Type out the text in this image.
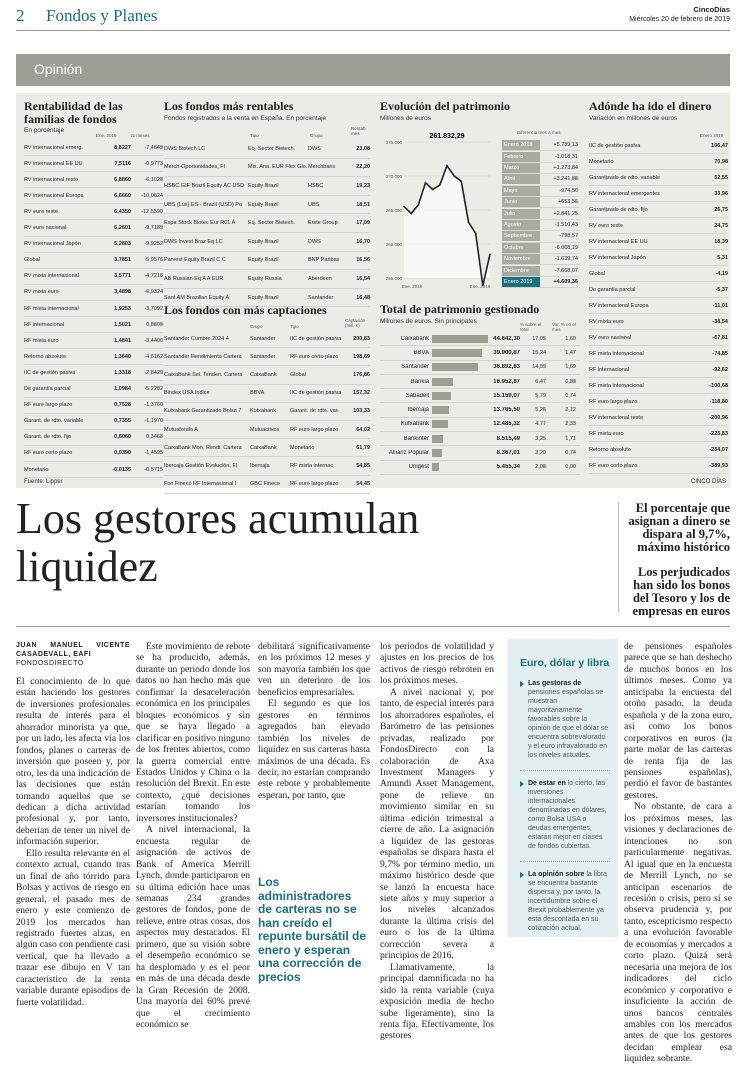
2 Fondos y Planes	CincoDías
Miércoles 20 de febrero de 2019
Opinión
Rentabilidad de las familias de fondos
En porcentaje
Ene. 2019	12 meses
RV internacional emerg.	8,8227	-7,4649
RV internacional EE UU	7,5116	-0,9773
RV internacional resto	6,8860	-6,1028
RV internacional Europa	6,6660	-10,0624
RV euro resto	6,4350	-12,5590
RV euro nacional	6,2601	-9,7189
RV internacional Japón	5,2803	-9,9252
Global	3,7851	-5,9576
RV mixta internacional	3,5771	-4,7218
RV mixta euro	3,4898	-6,9324
RF mixta internacional	1,9253	-3,7092
RF internacional	1,5021	0,8809
RF mixta euro	1,4841	-3,4400
Retorno absoluto	1,3640	-4,6162
IIC de gestión pasiva	1,3318	-2,8429
De garantía parcial	1,0984	-5,2282
RF euro largo plazo	0,7528	-1,3760
Garant. de rdto. variable	0,7355	-1,1970
Garant. de rdto. fijo	0,6060	0,3468
RF euro corto plazo	0,0390	-1,4595
Monetario	-0,0135	-0,5715
Los fondos más rentables
Fondos registrados a la venta en España. En porcentaje
Tipo	Grupo
Rentab. mes
DWS Biotech LC	Eq. Sector Biotech.	DWS	23,08
Merch-Oportunidades, FI	Mix. Ana. EUR Flex Glo. Merchbanc	22,20
HSBC GIF Brazil Equity AC USD Equity Brazil	HSBC	19,23
UBS (Lux) ES - Brazil (USD) Pa	Equity Brazil	UBS	18,51
Espa Stock Biotec Eur R01 A	Eq. Sector Biotech.	Erste Group	17,09
DWS Invest Braz Eq LC	Equity Brazil	DWS	16,70
Parvest Equity Brazil C C	Equity Brazil	BNP Paribas	16,56
AB Russian Eq A A EUR	Equity Russia	Aberdeen	16,54
Sant AM Brazilian Equity A	Equity Brazil	Santander	16,48
Los fondos con más captaciones
Grupo	Tipo
Captación (mill. €)
Santander Cumbre 2024 4	Santander	IIC de gestión pasiva	200,83
Santander Rendimiento Cartera	Santander	RF euro corto plazo	198,69
CaixaBank Sel. Tenden. Cartera	CaixaBank	Global	176,86
Bindex USA Índice	BBVA	IIC de gestión pasiva	157,32
Kutxabank Garantizado Bolsa 7	Kutxabank	Garant. de rdto. var.	103,33
Mutuafondo A	Mutuactivos	RF euro largo plazo	64,02
CaixaBank Mon. Rendi. Cartera	CaixaBank	Monetario	61,79
Ibercaja Gestión Evolución, FI	Ibercaja	RF mixta internac.	54,85
Fon Finecó RF Internacional I	GBC Fineco	RF euro largo plazo	54,45
Evolución del patrimonio
Millones de euros
275.000
270.000
265.000
260.000
255.000
261.832,29
Ene. 2018	Ene. 2019
Diferencia mes a mes
Enero 2018	+5.789,13
Febrero	-1.018,31
Marzo	+1.273,84
Abril	+3.241,88
Mayo	-974,50
Junio	+653,56
Julio	+2.841,25
Agosto	-1.510,43
Septiembre	-798,57
Octubre	-6.008,19
Noviembre	-1.639,74
Diciembre	-7.668,07
Enero 2019	+4.609,36
Total de patrimonio gestionado
Millones de euros. Sin principales	% sobre el total
Var. % en el mes
Caixabank	44.642,30	17,05	1,60
BBVA	39.900,87	15,24	1,47
Santander	36.892,83	14,09	1,69
Bankia	16.952,87	6,47	0,88
Sabadell	15.159,07	5,79	0,74
Ibercaja	13.765,50	5,26	2,12
Kutxabank	12.485,32	4,77	2,33
Bankinter	8.515,49	3,25	1,71
Allianz Popular	8.367,01	3,20	0,74
Unigest	5.455,34	2,08	0,00
Adónde ha ido el dinero
Variación en millones de euros
Enero 2019
IIC de gestión pasiva	106,47
Monetario	70,98
Garantizado de rdto. variable	52,55
RV internacional emergentes	33,96
Garantizado de rdto. fijo	26,75
RV euro resto	24,75
RV internacional EE UU	18,39
RV internacional Japón	5,31
Global	-4,19
De garantía parcial	-5,37
RV internacional Europa	-11,01
RV mixta euro	-38,54
RV euro nacional	-67,81
RF mixta internacional	-74,85
RF internacional	-92,62
RF mixta internacional	-100,68
RF euro largo plazo	-118,80
RV internacional resto	-200,96
RF mixta euro	-225,83
Retorno absoluto	-254,07
RF euro corto plazo	-389,93
Fuente: Lipper	CINCO DÍAS
Los gestores acumulan liquidez
El porcentaje que asignan a dinero se dispara al 9,7%, máximo histórico
Los perjudicados han sido los bonos del Tesoro y los de empresas en euros
JUAN MANUEL VICENTE CASADEVALL, EAFI
FONDOSDIRECTO

El conocimiento de lo que están haciendo los gestores de inversiones profesionales resulta de interés para el ahorrador minorista ya que, por un lado, les afecta vía los fondos, planes o carteras de inversión que poseen y, por otro, les da una indicación de las decisiones que están tomando aquellos que se dedican a dicha actividad profesional y, por tanto, deberían de tener un nivel de información superior.

Ello resulta relevante en el contexto actual, cuando tras un final de año tórrido para Bolsas y activos de riesgo en general, el pasado mes de enero y este comienzo de 2019 los mercados han registrado fuertes alzas, en algún caso con pendiente casi vertical, que ha llevado a trazar ese dibujo en V tan característico de la renta variable durante episodios de fuerte volatilidad.

Este movimiento de rebote se ha producido, además, durante un periodo donde los datos no han hecho más que confirmar la desaceleración económica en los principales bloques económicos y sin que se haya llegado a clarificar en positivo ninguno de los frentes abiertos, como la guerra comercial entre Estados Unidos y China o la resolución del Brexit. En este contexto, ¿qué decisiones estarían tomando los inversores institucionales?

A nivel internacional, la encuesta regular de asignación de activos de Bank of America Merrill Lynch, donde participaron en su última edición hace unas semanas 234 grandes gestores de fondos, pone de relieve, entre otras cosas, dos aspectos muy destacados. El primero, que su visión sobre el desempeño económico se ha desplomado y es el peor en más de una década desde la Gran Recesión de 2008. Una mayoría del 60% prevé que el crecimiento económico se

debilitará significativamente en los próximos 12 meses y son mayoría también los que ven un deterioro de los beneficios empresariales.

El segundo es que los gestores en términos agregados han elevado también los niveles de liquidez en sus carteras hasta máximos de una década. Es decir, no estarían comprando este rebote y probablemente esperan, por tanto, que

Los administradores de carteras no se han creído el repunte bursátil de enero y esperan una corrección de precios

los periodos de volatilidad y ajustes en los precios de los activos de riesgo rebroten en los próximos meses.

A nivel nacional y, por tanto, de especial interés para los ahorradores españoles, el Barómetro de las pensiones privadas, realizado por FondosDirecto con la colaboración de Axa Investment Managers y Amundi Asset Management, pone de relieve un movimiento similar en su última edición trimestral a cierre de año. La asignación a liquidez de las gestoras españolas se dispara hasta el 9,7% por término medio, un máximo histórico desde que se lanzó la encuesta hace siete años y muy superior a los niveles alcanzados durante la última crisis del euro o los de la última corrección severa a principios de 2016.

Llamativamente, la principal damnificada no ha sido la renta variable (cuya exposición media de hecho sube ligeramente), sino la renta fija. Efectivamente, los gestores

Euro, dólar y libra

Las gestoras de pensiones españolas se muestran mayoritariamente favorables sobre la opinión de que el dólar se encuentra sobrevalorado y el euro infravalorado en los niveles actuales.

De estar en lo cierto, las inversiones internacionales denominadas en dólares, como Bolsa USA o deudas emergentes, estarán mejor en clases de fondos cubiertas.

La opinión sobre la libra se encuentra bastante dispersa y, por tanto, la incertidumbre sobre el Brexit probablemente ya está descontada en su cotización actual.

de pensiones españoles parece que se han deshecho de muchos bonos en los últimos meses. Como ya anticipaba la encuesta del otoño pasado, la deuda española y de la zona euro, así como los bonos corporativos en euros (la parte molar de las carteras de renta fija de las pensiones españolas), perdió el favor de bastantes gestores.

No obstante, de cara a los próximos meses, las visiones y declaraciones de intenciones no son particularmente negativas. Al igual que en la encuesta de Merrill Lynch, no se anticipan escenarios de recesión o crisis, pero sí se observa prudencia y, por tanto, escepticismo respecto a una evolución favorable de economías y mercados a corto plazo. Quizá será necesaria una mejora de los indicadores del ciclo económico y corporativo e insuficiente la acción de unos bancos centrales amables con los mercados antes de que los gestores decidan emplear esa liquidez sobrante.
